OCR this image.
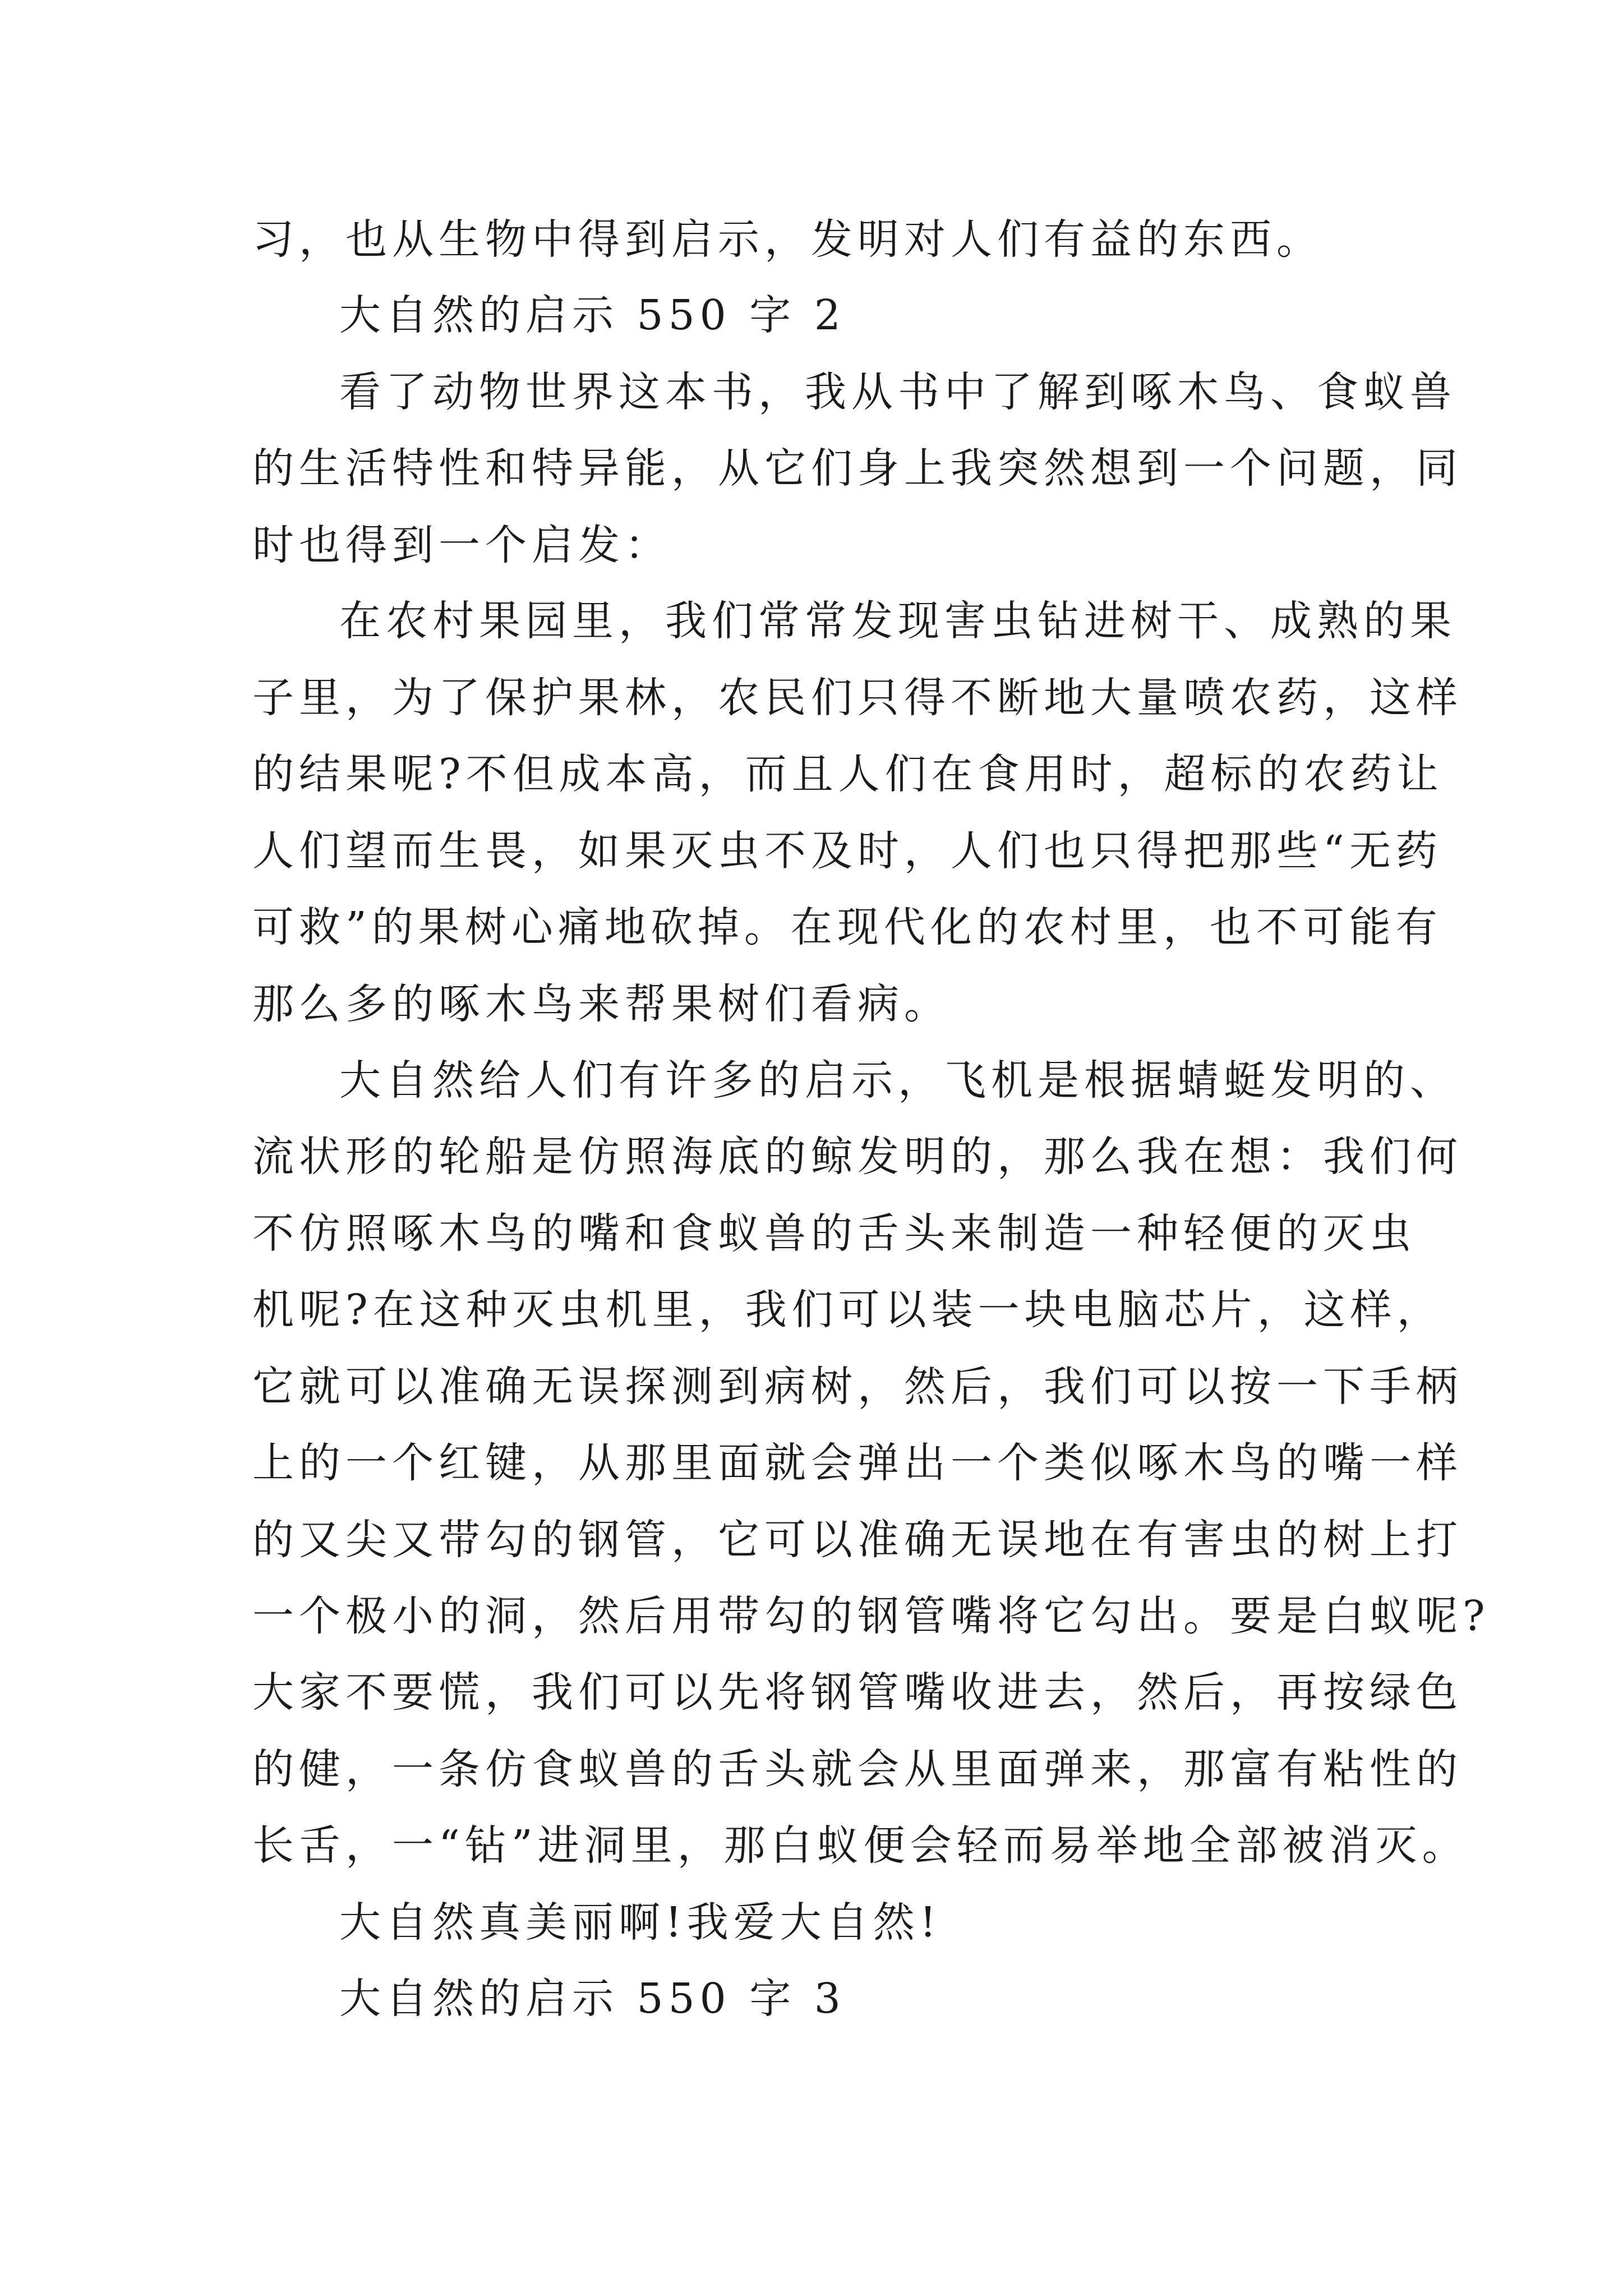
习，也从生物中得到启示，发明对人们有益的东西。
大自然的启示 550 字 2
看了动物世界这本书，我从书中了解到啄木鸟、食蚁兽
的生活特性和特异能，从它们身上我突然想到一个问题，同
时也得到一个启发：
在农村果园里，我们常常发现害虫钻进树干、成熟的果
子里，为了保护果林，农民们只得不断地大量喷农药，这样
的结果呢?不但成本高，而且人们在食用时，超标的农药让
人们望而生畏，如果灭虫不及时，人们也只得把那些“无药
可救”的果树心痛地砍掉。在现代化的农村里，也不可能有
那么多的啄木鸟来帮果树们看病。
大自然给人们有许多的启示，飞机是根据蜻蜓发明的、
流状形的轮船是仿照海底的鲸发明的，那么我在想：我们何
不仿照啄木鸟的嘴和食蚁兽的舌头来制造一种轻便的灭虫
机呢?在这种灭虫机里，我们可以装一块电脑芯片，这样，
它就可以准确无误探测到病树，然后，我们可以按一下手柄
上的一个红键，从那里面就会弹出一个类似啄木鸟的嘴一样
的又尖又带勾的钢管，它可以准确无误地在有害虫的树上打
一个极小的洞，然后用带勾的钢管嘴将它勾出。要是白蚁呢?
大家不要慌，我们可以先将钢管嘴收进去，然后，再按绿色
的健，一条仿食蚁兽的舌头就会从里面弹来，那富有粘性的
长舌，一“钻”进洞里，那白蚁便会轻而易举地全部被消灭。
大自然真美丽啊!我爱大自然!
大自然的启示 550 字 3
